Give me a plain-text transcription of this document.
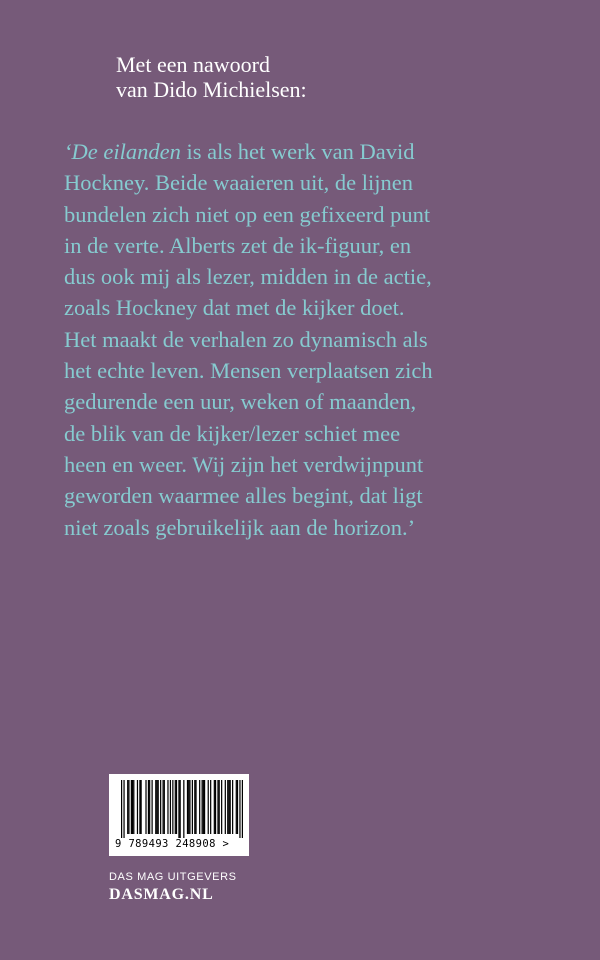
Met een nawoord
van Dido Michielsen:
‘De eilanden is als het werk van David
Hockney. Beide waaieren uit, de lijnen
bundelen zich niet op een gefixeerd punt
in de verte. Alberts zet de ik-figuur, en
dus ook mij als lezer, midden in de actie,
zoals Hockney dat met de kijker doet.
Het maakt de verhalen zo dynamisch als
het echte leven. Mensen verplaatsen zich
gedurende een uur, weken of maanden,
de blik van de kijker/lezer schiet mee
heen en weer. Wij zijn het verdwijnpunt
geworden waarmee alles begint, dat ligt
niet zoals gebruikelijk aan de horizon.’
9 789493 248908 >
DAS MAG UITGEVERS
DASMAG.NL
